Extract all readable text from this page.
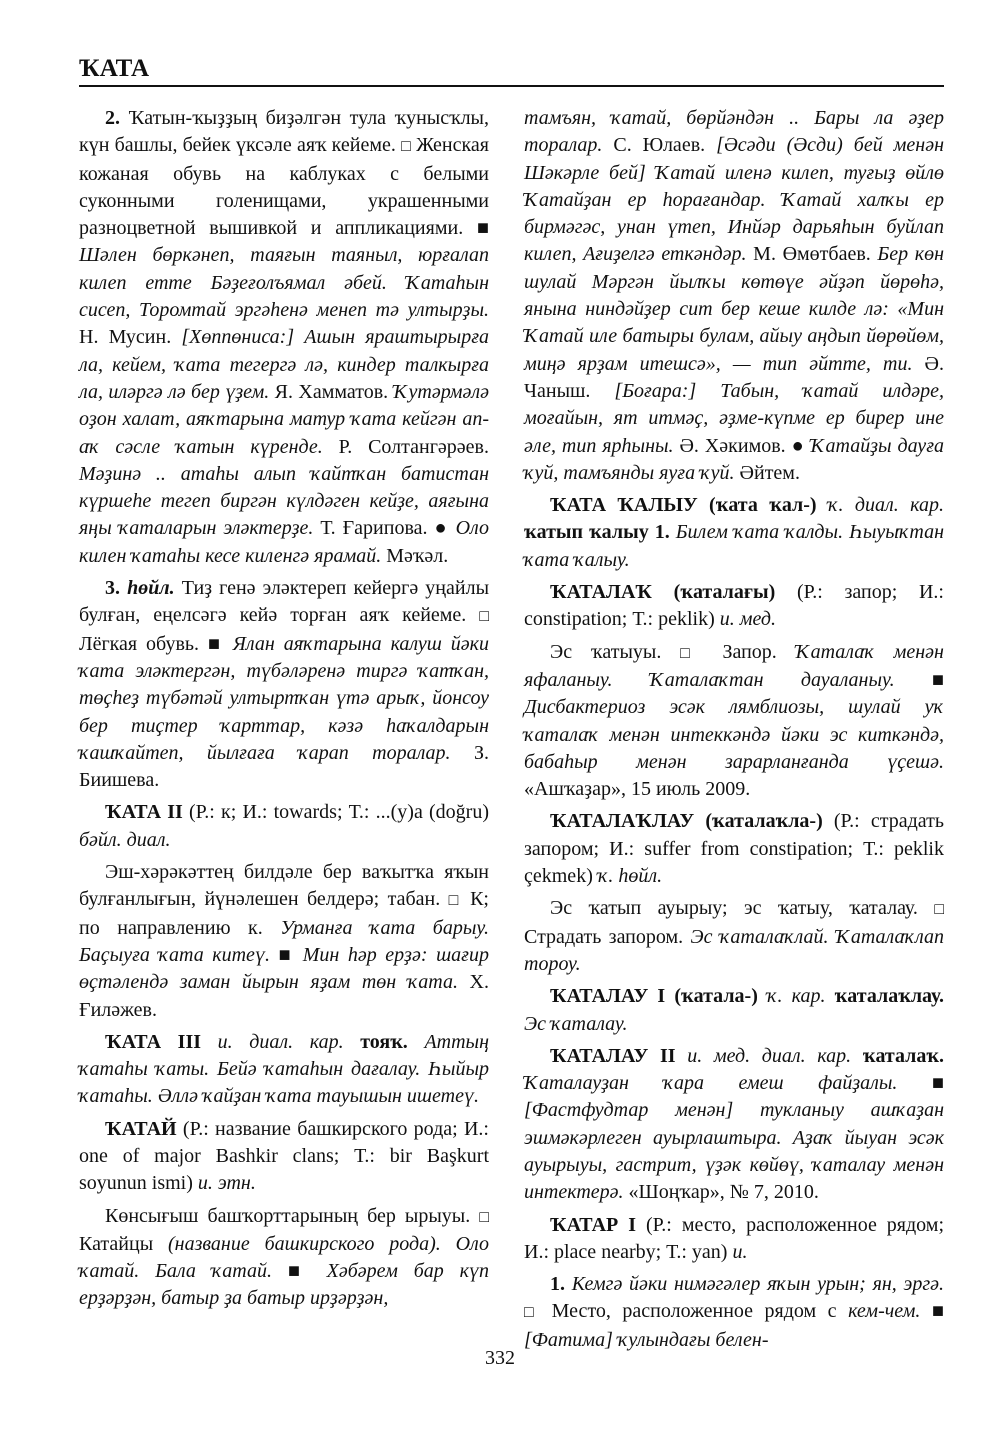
ҠАТА

2. Ҡатын-ҡыҙҙың биҙәлгән тула ҡунысҡлы, күн башлы, бейек үксәле аяҡ кейеме. □ Женская кожаная обувь на каблуках с белыми суконными голенищами, украшенными разноцветной вышивкой и аппликациями. ■ Шәлен бөркәнеп, таяғын таяныл, юрғалап килеп етте Бәҙеғолъямал әбей. Ҡатаһын сисеп, Торомтай эргәһенә менеп тә ултырҙы. Н. Мусин. [Хөппөниса:] Ашын яраштырырға ла, кейем, ҡата тегергә лә, киндер талкырға ла, иләргә лә бер үҙем. Я. Хамматов. Ҡутәрмәлә оҙон халат, аяҡтарына матур ҡата кейгән ап-аҡ сәсле ҡатын күренде. Р. Солтангәрәев. Мәҙинә .. атаһы алып ҡайтҡан батистан күршеһе тегеп биргән күлдәген кейҙе, аяғына яңы ҡаталарын эләктерҙе. Т. Ғарипова. ● Оло килен ҡатаһы кесе киленгә ярамай. Мәҡәл.

3. һөйл. Тиҙ генә эләктереп кейергә уңайлы булған, еңелсәгә кейә торған аяҡ кейеме. □ Лёгкая обувь. ■ Ялан аяҡтарына калуш йәки ҡата эләктергән, түбәләренә тиргә ҡатҡан, төҫһеҙ түбәтәй ултыртҡан үтә арыҡ, йонсоу бер тиҫтер ҡарттар, кәзә һаҡалдарын ҡашҡайтеп, йылғаға ҡарап торалар. З. Биишева.

ҠАТА II (Р.: к; И.: towards; Т.: ...(y)a (doğru) бәйл. диал.

Эш-хәрәкәттең билдәле бер ваҡытҡа яҡын булғанлығын, йүнәлешен белдерә; табан. □ К; по направлению к. Урманға ҡата барыу. Баҫыуға ҡата китеү. ■ Мин һәр ерҙә: шағир өҫтәлендә заман йырын яҙам төн ҡата. Х. Ғиләжев.

ҠАТА III и. диал. кар. тояҡ. Аттың ҡатаһы ҡаты. Бейә ҡатаһын дағалау. Һыйыр ҡатаһы. Әллә ҡайҙан ҡата тауышын ишетеү.

ҠАТАЙ (Р.: название башкирского рода; И.: one of major Bashkir clans; Т.: bir Başkurt soyunun ismi) и. этн.

Көнсығыш башҡорттарының бер ырыуы. □ Катайцы (название башкирского рода). Оло ҡатай. Бала ҡатай. ■ Хәбәрем бар күп ерҙәрҙән, батыр ҙа батыр ирҙәрҙән,

тамъян, ҡатай, бөрйәндән .. Бары ла әҙер торалар. С. Юлаев. [Әсәди (Әсди) бей менән Шәкәрле бей] Ҡатай иленә килеп, туғыҙ өйлө Ҡатайҙан ер һорағандар. Ҡатай халҡы ер бирмәгәс, унан үтеп, Инйәр дарьяһын буйлап килеп, Ағиҙелгә еткәндәр. М. Өмөтбаев. Бер көн шулай Мәргән йылҡы көтөүе әйҙәп йөрөһә, янына ниндәйҙер сит бер кеше килде лә: «Мин Ҡатай иле батыры булам, айыу аңдып йөрөйөм, миңә ярҙам итешсә», — тип әйтте, ти. Ә. Чаныш. [Боғара:] Табын, ҡатай илдәре, моғайын, ят итмәҫ, әҙме-күпме ер бирер ине әле, тип ярһыны. Ә. Хәкимов. ● Ҡатайҙы дауға ҡуй, тамъянды яуға ҡуй. Әйтем.

ҠАТА ҠАЛЫУ (ҡата ҡал-) ҡ. диал. кар. ҡатып ҡалыу 1. Билем ҡата ҡалды. Һыуыҡтан ҡата ҡалыу.

ҠАТАЛАҠ (ҡаталағы) (Р.: запор; И.: constipation; Т.: peklik) и. мед.

Эс ҡатыуы. □ Запор. Ҡаталаҡ менән яфаланыу. Ҡаталаҡтан дауаланыу. ■ Дисбактериоз эсәк лямблиозы, шулай уҡ ҡаталаҡ менән интеккәндә йәки эс киткәндә, бабаһыр менән зарарланғанда үҫешә. «Ашҡаҙар», 15 июль 2009.

ҠАТАЛАҠЛАУ (ҡаталаҡла-) (Р.: страдать запором; И.: suffer from constipation; Т.: peklik çekmek) ҡ. һөйл.

Эс ҡатып ауырыу; эс ҡатыу, ҡаталау. □ Страдать запором. Эс ҡаталаҡлай. Ҡаталаҡлап тороу.

ҠАТАЛАУ I (ҡатала-) ҡ. кар. ҡаталаҡлау. Эс ҡаталау.

ҠАТАЛАУ II и. мед. диал. кар. ҡаталаҡ. Ҡаталауҙан ҡара емеш файҙалы. ■ [Фастфудтар менән] тукланыу ашҡаҙан эшмәкәрлеген ауырлаштыра. Аҙаҡ йыуан эсәк ауырыуы, гастрит, үҙәк көйөү, ҡаталау менән интектерә. «Шоңҡар», № 7, 2010.

ҠАТАР I (Р.: место, расположенное рядом; И.: place nearby; Т.: yan) и.

1. Кемгә йәки нимәгәлер яҡын урын; ян, эргә. □ Место, расположенное рядом с кем-чем. ■ [Фатима] ҡулындағы белен-

332
